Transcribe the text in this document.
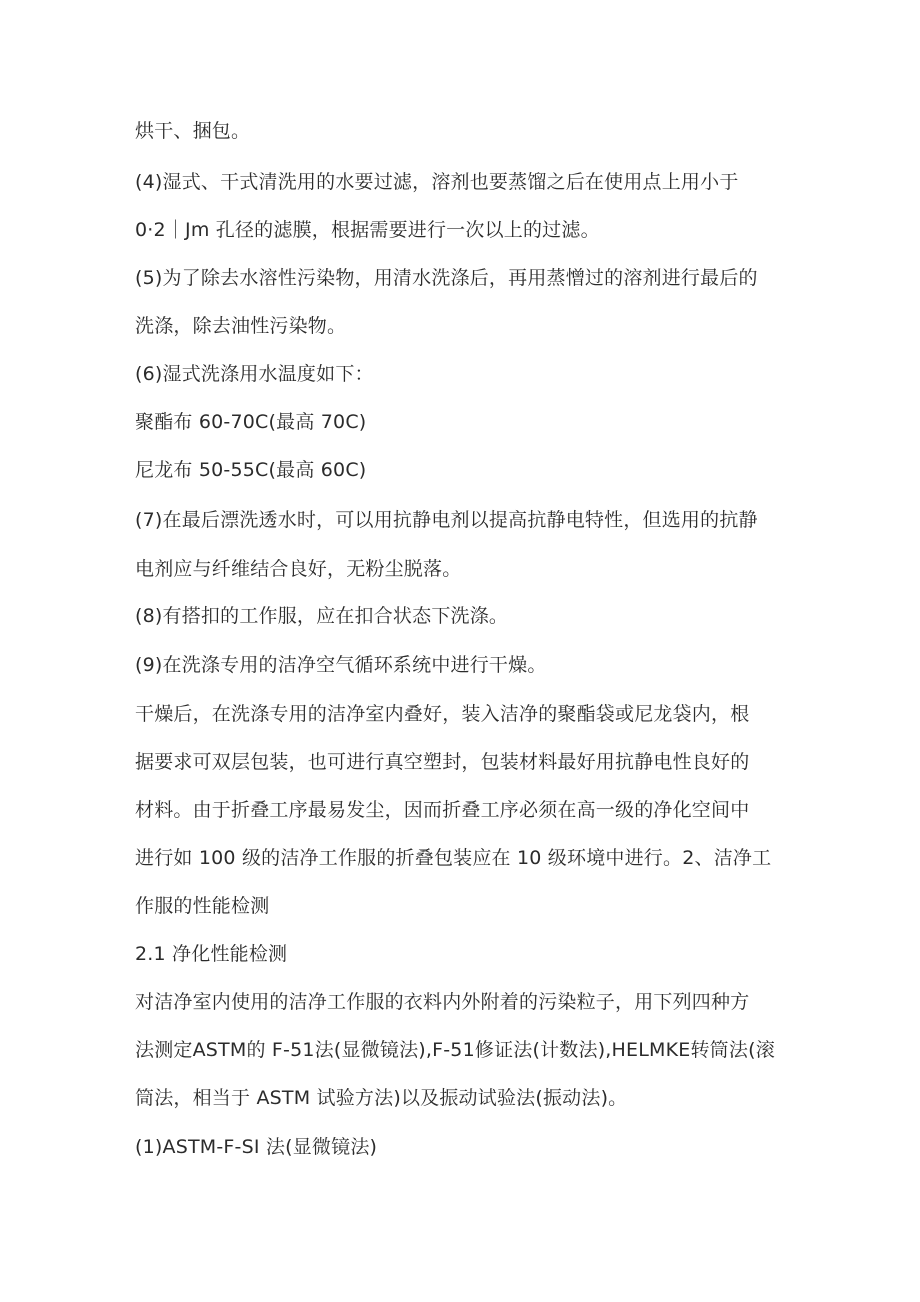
烘干、捆包。
(4)湿式、干式清洗用的水要过滤，溶剂也要蒸馏之后在使用点上用小于
0·2｜Jm 孔径的滤膜，根据需要进行一次以上的过滤。
(5)为了除去水溶性污染物，用清水洗涤后，再用蒸憎过的溶剂进行最后的
洗涤，除去油性污染物。
(6)湿式洗涤用水温度如下：
聚酯布 60-70C(最高 70C)
尼龙布 50-55C(最高 60C)
(7)在最后漂洗透水时，可以用抗静电剂以提高抗静电特性，但选用的抗静
电剂应与纤维结合良好，无粉尘脱落。
(8)有搭扣的工作服，应在扣合状态下洗涤。
(9)在洗涤专用的洁净空气循环系统中进行干燥。
干燥后，在洗涤专用的洁净室内叠好，装入洁净的聚酯袋或尼龙袋内，根
据要求可双层包装，也可进行真空塑封，包装材料最好用抗静电性良好的
材料。由于折叠工序最易发尘，因而折叠工序必须在高一级的净化空间中
进行如 100 级的洁净工作服的折叠包装应在 10 级环境中进行。2、洁净工
作服的性能检测
2.1 净化性能检测
对洁净室内使用的洁净工作服的衣料内外附着的污染粒子，用下列四种方
法测定ASTM的 F-51法(显微镜法),F-51修证法(计数法),HELMKE转筒法(滚
筒法，相当于 ASTM 试验方法)以及振动试验法(振动法)。
(1)ASTM-F-SI 法(显微镜法)
